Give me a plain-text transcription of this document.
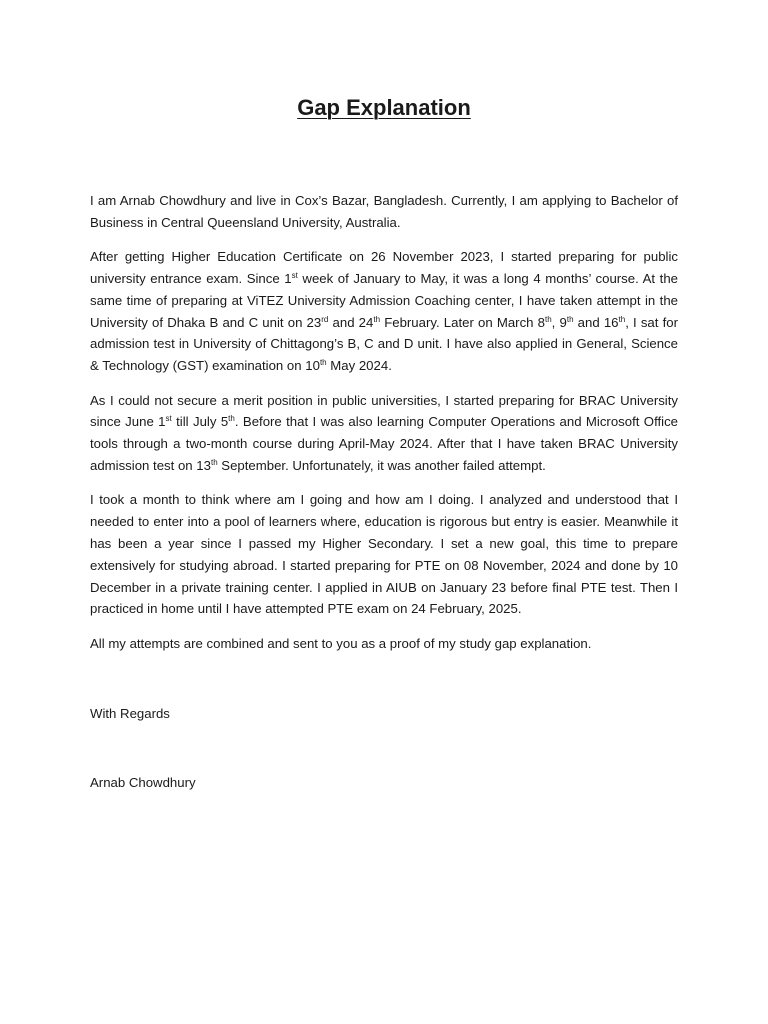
Gap Explanation

I am Arnab Chowdhury and live in Cox’s Bazar, Bangladesh. Currently, I am applying to Bachelor of Business in Central Queensland University, Australia.

After getting Higher Education Certificate on 26 November 2023, I started preparing for public university entrance exam. Since 1st week of January to May, it was a long 4 months’ course. At the same time of preparing at ViTEZ University Admission Coaching center, I have taken attempt in the University of Dhaka B and C unit on 23rd and 24th February. Later on March 8th, 9th and 16th, I sat for admission test in University of Chittagong’s B, C and D unit. I have also applied in General, Science & Technology (GST) examination on 10th May 2024.

As I could not secure a merit position in public universities, I started preparing for BRAC University since June 1st till July 5th. Before that I was also learning Computer Operations and Microsoft Office tools through a two-month course during April-May 2024. After that I have taken BRAC University admission test on 13th September. Unfortunately, it was another failed attempt.

I took a month to think where am I going and how am I doing. I analyzed and understood that I needed to enter into a pool of learners where, education is rigorous but entry is easier. Meanwhile it has been a year since I passed my Higher Secondary. I set a new goal, this time to prepare extensively for studying abroad. I started preparing for PTE on 08 November, 2024 and done by 10 December in a private training center. I applied in AIUB on January 23 before final PTE test. Then I practiced in home until I have attempted PTE exam on 24 February, 2025.

All my attempts are combined and sent to you as a proof of my study gap explanation.

With Regards

Arnab Chowdhury
